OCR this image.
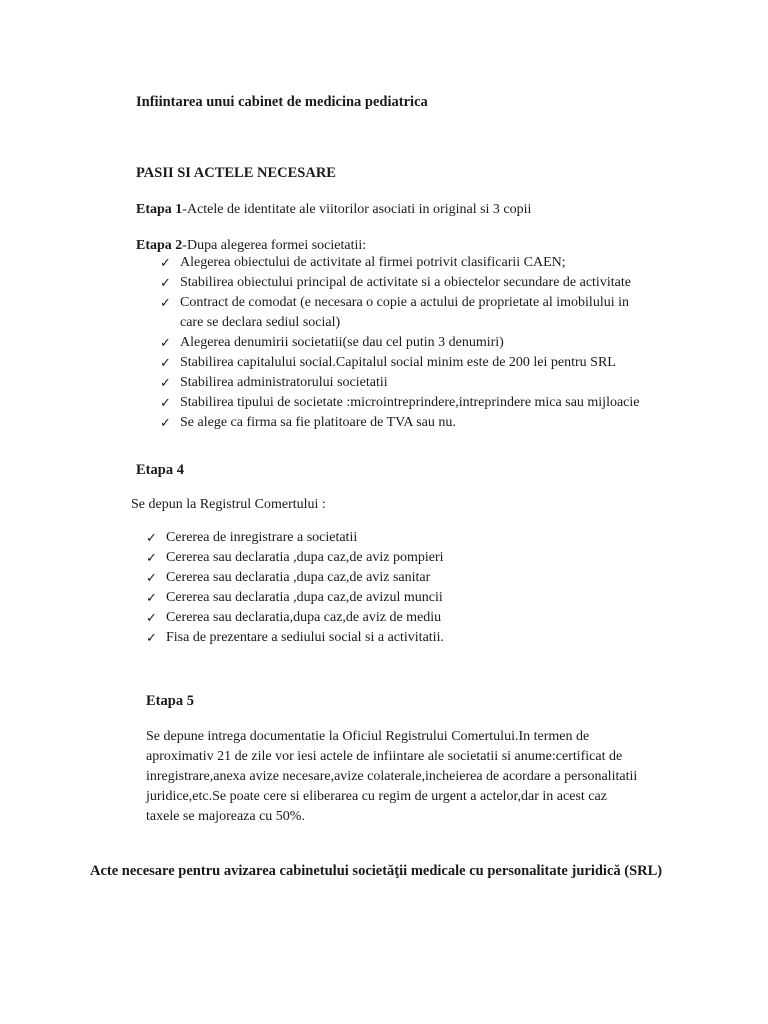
Infiintarea unui cabinet de medicina pediatrica
PASII SI ACTELE NECESARE
Etapa 1-Actele de identitate ale viitorilor asociati in original si 3 copii
Etapa 2-Dupa alegerea formei societatii:
✓ Alegerea obiectului de activitate al firmei potrivit clasificarii CAEN;
✓ Stabilirea obiectului principal de activitate si a obiectelor secundare de activitate
✓ Contract de comodat (e necesara o copie a actului de proprietate al imobilului in
care se declara sediul social)
✓ Alegerea denumirii societatii(se dau cel putin 3 denumiri)
✓ Stabilirea capitalului social.Capitalul social minim este de 200 lei pentru SRL
✓ Stabilirea administratorului societatii
✓ Stabilirea tipului de societate :microintreprindere,intreprindere mica sau mijloacie
✓ Se alege ca firma sa fie platitoare de TVA sau nu.
Etapa 4
Se depun la Registrul Comertului :
✓ Cererea de inregistrare a societatii
✓ Cererea sau declaratia ,dupa caz,de aviz pompieri
✓ Cererea sau declaratia ,dupa caz,de aviz sanitar
✓ Cererea sau declaratia ,dupa caz,de avizul muncii
✓ Cererea sau declaratia,dupa caz,de aviz de mediu
✓ Fisa de prezentare a sediului social si a activitatii.
Etapa 5
Se depune intrega documentatie la Oficiul Registrului Comertului.In termen de
aproximativ 21 de zile vor iesi actele de infiintare ale societatii si anume:certificat de
inregistrare,anexa avize necesare,avize colaterale,incheierea de acordare a personalitatii
juridice,etc.Se poate cere si eliberarea cu regim de urgent a actelor,dar in acest caz
taxele se majoreaza cu 50%.
Acte necesare pentru avizarea cabinetului societăţii medicale cu personalitate juridică (SRL)
